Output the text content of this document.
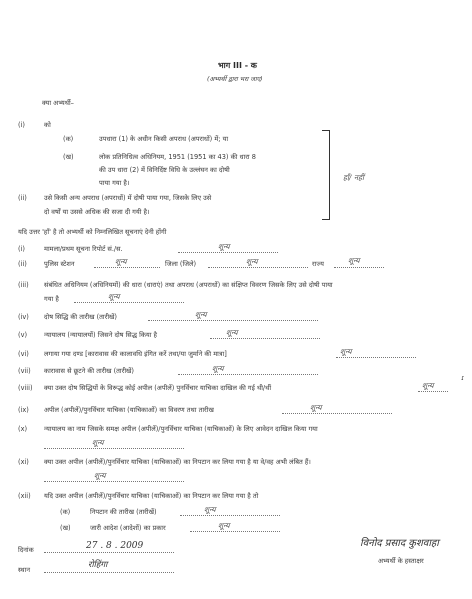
भाग III - क
(अभ्यर्थी द्वारा भरा जाए)
क्या अभ्यर्थी–
(i)	को
(क)	उपधारा (1) के अधीन किसी अपराध (अपराधों) में; या
(ख)	लोक प्रतिनिधित्व अधिनियम, 1951 (1951 का 43) की धारा 8
की उप धारा (2) में विनिर्दिष्ट विधि के उल्लंघन का दोषी
पाया गया है।
(ii)	उसे किसी अन्य अपराध (अपराधों) में दोषी पाया गया, जिसके लिए उसे
दो वर्षों या उससे अधिक की सजा दी गयी है।
हाँ/ नहीं
यदि उत्तर 'हाँ' है तो अभ्यर्थी को निम्नलिखित सूचनाएं देनी होंगी
(i)	मामला/प्रथम सूचना रिपोर्ट सं./स.	शून्य
(ii)	पुलिस स्टेशन	शून्य	जिला (जिले)	शून्य	राज्य	शून्य
(iii) संबंधित अधिनियम (अधिनियमों) की धारा (धाराएं) तथा अपराध (अपराधों) का संक्षिप्त विवरण जिसके लिए उसे दोषी पाया
गया है	शून्य
(iv) दोष सिद्धि की तारीख (तारीखें)	शून्य
(v)	न्यायालय (न्यायालयों) जिसने दोष सिद्ध किया है	शून्य
(vi) लगाया गया दण्ड [कारावास की कालावधि इंगित करें तथा/या जुर्माने की मात्रा]	शून्य
(vii) कारावास से छूटने की तारीख (तारीखें)	शून्य
(viii) क्या उक्त दोष सिद्धियों के विरूद्ध कोई अपील (अपीलें) पुनर्विचार याचिका दाखिल की गई थी/थीं	शून्य
ɾ
(ix) अपील (अपीलें)/पुनर्विचार याचिका (याचिकाओं) का विवरण तथा तारीख	शून्य
(x)	न्यायालय का नाम जिसके समक्ष अपील (अपीलें)/पुनर्विचार याचिका (याचिकाओं) के लिए आवेदन दाखिल किया गया
शून्य
(xi) क्या उक्त अपील (अपीलें)/पुनर्विचार याचिका (याचिकाओं) का निपटान कर लिया गया है या वे/वह अभी लंबित हैं।
शून्य
(xii) यदि उक्त अपील (अपीलें)/पुनर्विचार याचिका (याचिकाओं) का निपटान कर लिया गया है तो
(क)	निपटान की तारीख (तारीखें)	शून्य
(ख)	जारी आदेश (आदेशों) का प्रकार	शून्य
दिनांक	27 . 8 . 2009
स्थान	रोहिंगा
विनोद प्रसाद कुशवाहा
अभ्यर्थी के हस्ताक्षर
